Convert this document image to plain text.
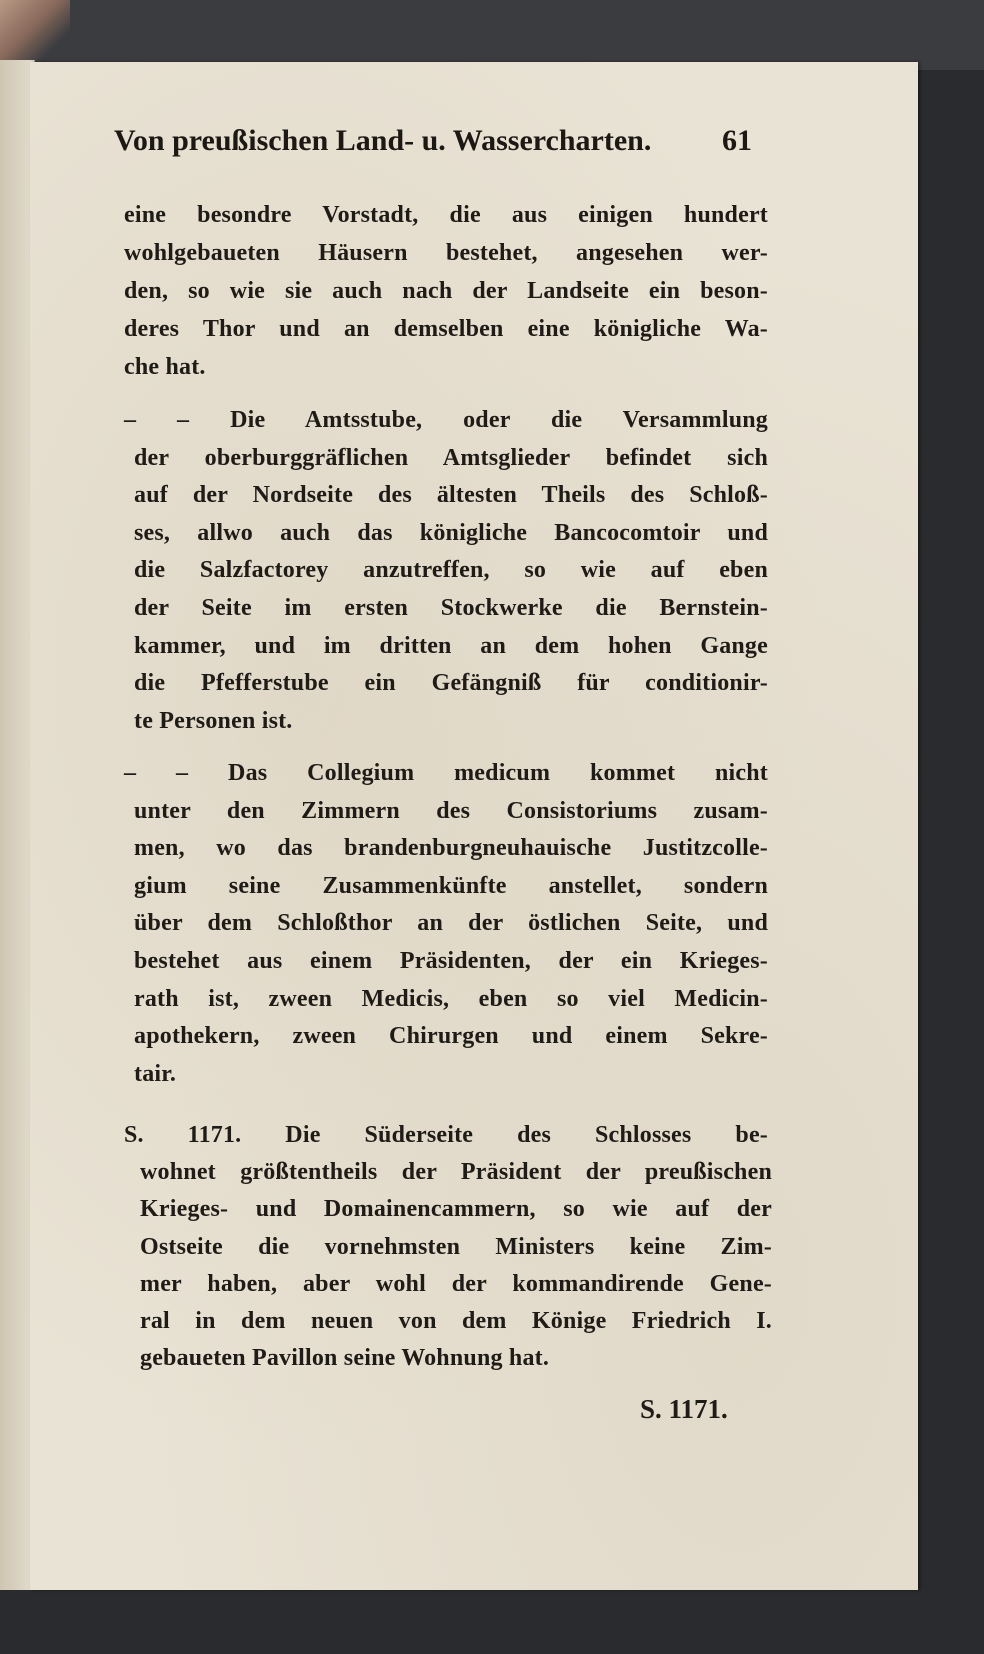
Von preußischen Land- u. Wassercharten. 61
eine besondre Vorstadt, die aus einigen hundert
wohlgebaueten Häusern bestehet, angesehen wer-
den, so wie sie auch nach der Landseite ein beson-
deres Thor und an demselben eine königliche Wa-
che hat.
– – Die Amtsstube, oder die Versammlung
der oberburggräflichen Amtsglieder befindet sich
auf der Nordseite des ältesten Theils des Schloß-
ses, allwo auch das königliche Bancocomtoir und
die Salzfactorey anzutreffen, so wie auf eben
der Seite im ersten Stockwerke die Bernstein-
kammer, und im dritten an dem hohen Gange
die Pfefferstube ein Gefängniß für conditionir-
te Personen ist.
– – Das Collegium medicum kommet nicht
unter den Zimmern des Consistoriums zusam-
men, wo das brandenburgneuhauische Justitzcolle-
gium seine Zusammenkünfte anstellet, sondern
über dem Schloßthor an der östlichen Seite, und
bestehet aus einem Präsidenten, der ein Krieges-
rath ist, zween Medicis, eben so viel Medicin-
apothekern, zween Chirurgen und einem Sekre-
tair.
S. 1171. Die Süderseite des Schlosses be-
wohnet größtentheils der Präsident der preußischen
Krieges- und Domainencammern, so wie auf der
Ostseite die vornehmsten Ministers keine Zim-
mer haben, aber wohl der kommandirende Gene-
ral in dem neuen von dem Könige Friedrich I.
gebaueten Pavillon seine Wohnung hat.
S. 1171.
